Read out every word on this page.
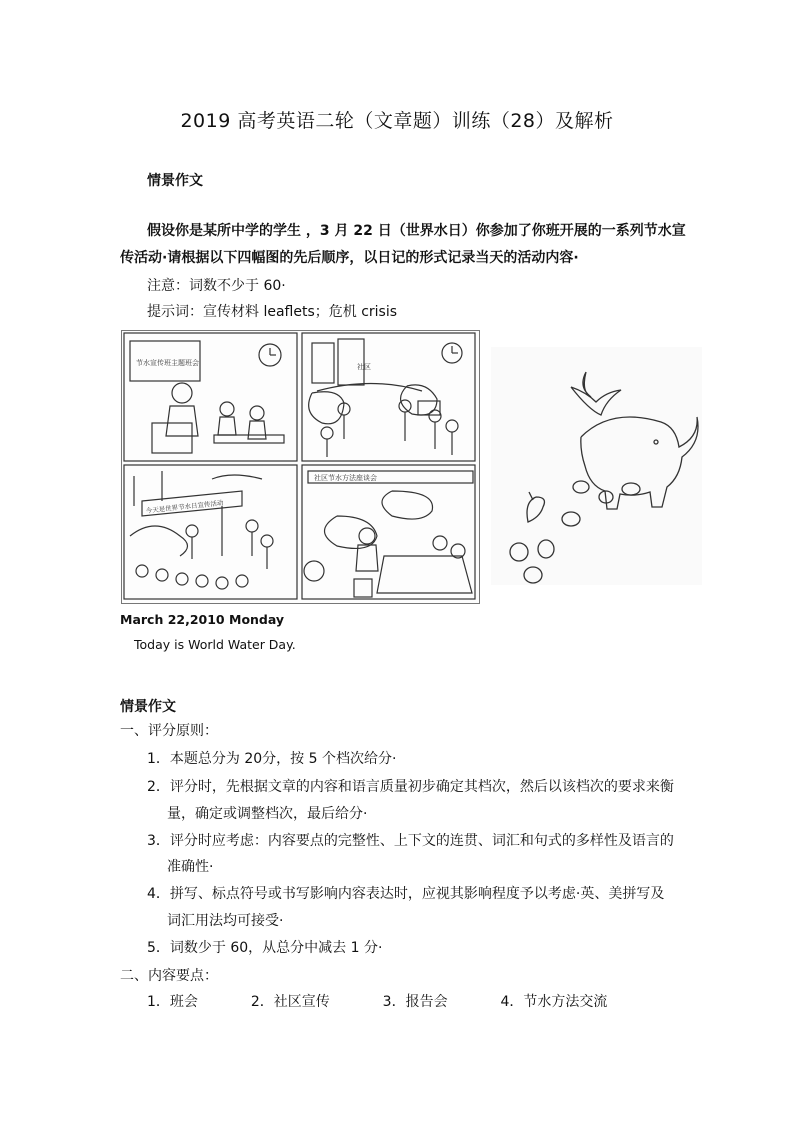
2019 高考英语二轮（文章题）训练（28）及解析
情景作文
假设你是某所中学的学生 ，3 月 22 日（世界水日）你参加了你班开展的一系列节水宣
传活动·请根据以下四幅图的先后顺序，以日记的形式记录当天的活动内容·
注意：词数不少于 60·
提示词：宣传材料 leaflets；危机 crisis
节水宣传班主题班会	社区
今天是世界节水日宣传活动
社区节水方法座谈会
March 22,2010 Monday
Today is World Water Day.
情景作文
一、评分原则：
1．本题总分为 20分，按 5 个档次给分·
2．评分时，先根据文章的内容和语言质量初步确定其档次，然后以该档次的要求来衡
量，确定或调整档次，最后给分·
3．评分时应考虑：内容要点的完整性、上下文的连贯、词汇和句式的多样性及语言的
准确性·
4．拼写、标点符号或书写影响内容表达时，应视其影响程度予以考虑·英、美拼写及
词汇用法均可接受·
5．词数少于 60，从总分中减去 1 分·
二、内容要点：
1．班会	2．社区宣传	3．报告会	4．节水方法交流
